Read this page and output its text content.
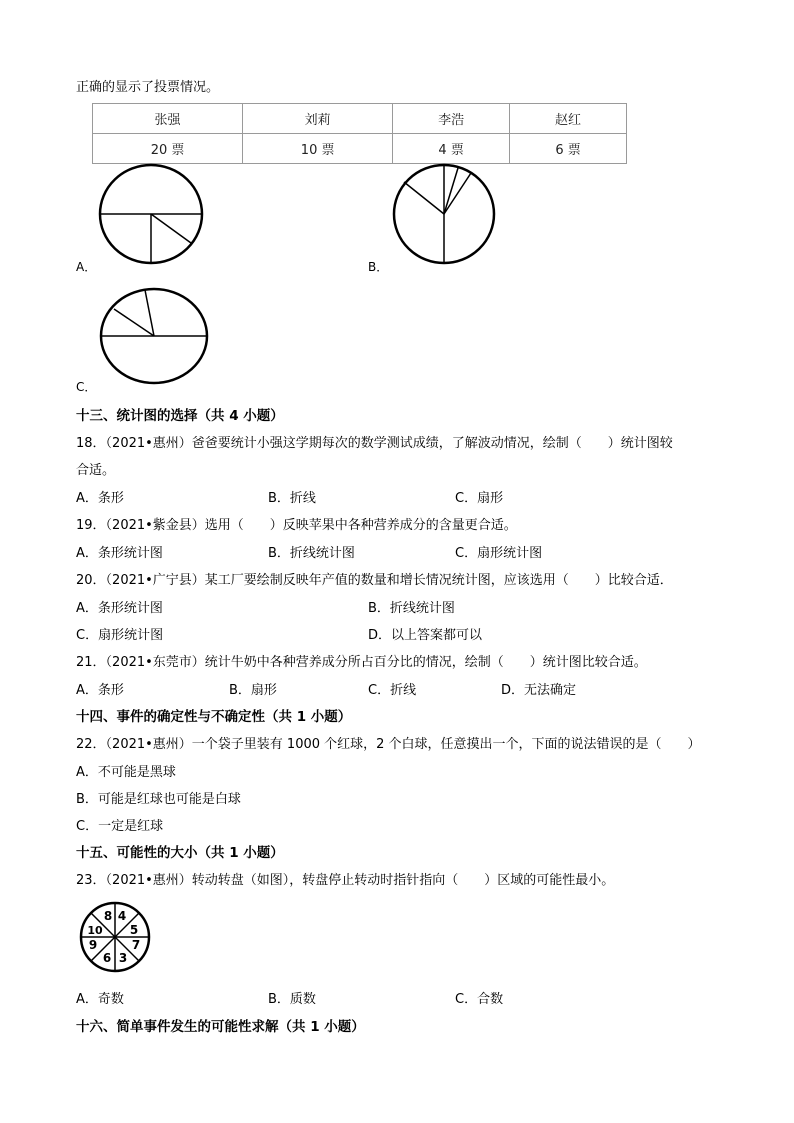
正确的显示了投票情况。
张强	刘莉	李浩	赵红
20 票	10 票	4 票	6 票
A．	B．
C．
十三、统计图的选择（共 4 小题）
18．（2021•惠州）爸爸要统计小强这学期每次的数学测试成绩，了解波动情况，绘制（　　）统计图较
合适。
A．条形	B．折线	C．扇形
19．（2021•紫金县）选用（　　）反映苹果中各种营养成分的含量更合适。
A．条形统计图	B．折线统计图	C．扇形统计图
20．（2021•广宁县）某工厂要绘制反映年产值的数量和增长情况统计图，应该选用（　　）比较合适．
A．条形统计图	B．折线统计图
C．扇形统计图	D．以上答案都可以
21．（2021•东莞市）统计牛奶中各种营养成分所占百分比的情况，绘制（　　）统计图比较合适。
A．条形	B．扇形	C．折线	D．无法确定
十四、事件的确定性与不确定性（共 1 小题）
22．（2021•惠州）一个袋子里装有 1000 个红球，2 个白球，任意摸出一个，下面的说法错误的是（　　）
A．不可能是黑球
B．可能是红球也可能是白球
C．一定是红球
十五、可能性的大小（共 1 小题）
23．（2021•惠州）转动转盘（如图），转盘停止转动时指针指向（　　）区域的可能性最小。
8 4
5
7
3
6
9
10
A．奇数	B．质数	C．合数
十六、简单事件发生的可能性求解（共 1 小题）
